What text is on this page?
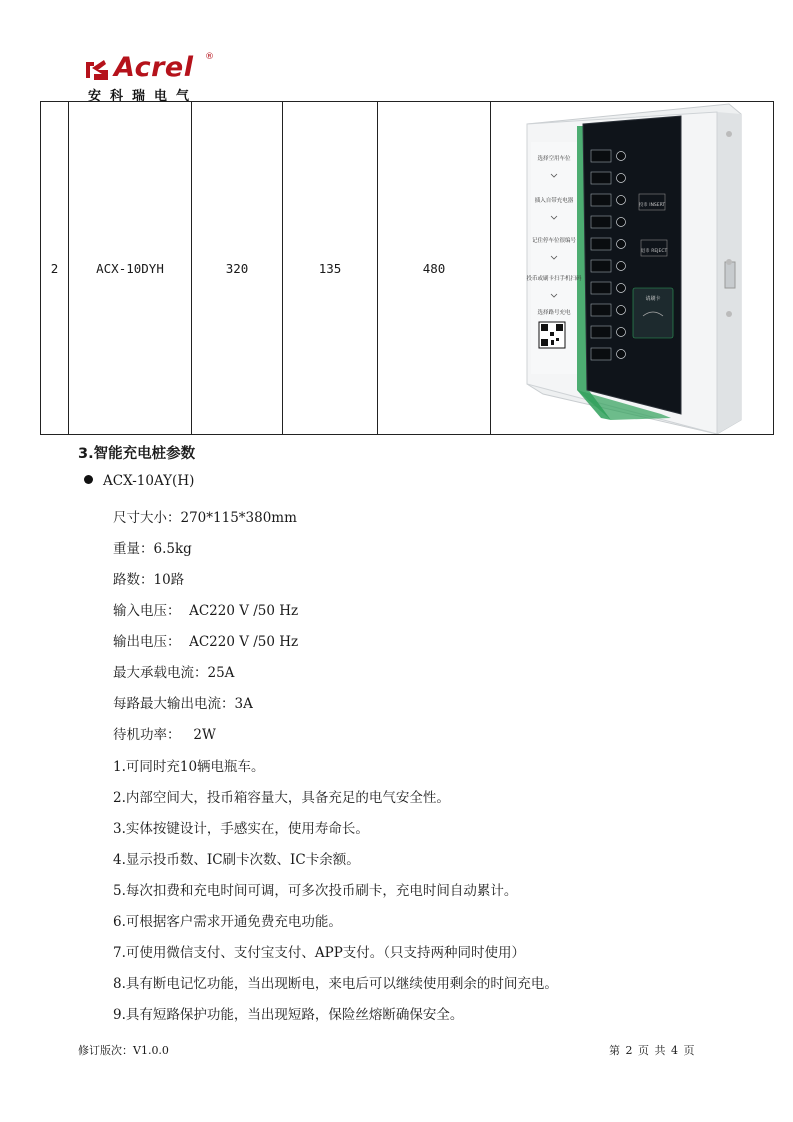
Acrel ®
安科瑞电气
2	ACX-10DYH	320	135	480	
选择空用车位
插入自带充电器
记住停车位很编号
投币或刷卡扫手机扫码
选择路号充电
投币 INSERT
退币 REJECT
请刷卡
3.智能充电桩参数
ACX-10AY(H)
尺寸大小：270*115*380mm
重量：6.5kg
路数：10路
输入电压：  AC220 V /50 Hz
输出电压：  AC220 V /50 Hz
最大承载电流：25A
每路最大输出电流：3A
待机功率：   2W
1.可同时充10辆电瓶车。
2.内部空间大，投币箱容量大，具备充足的电气安全性。
3.实体按键设计，手感实在，使用寿命长。
4.显示投币数、IC刷卡次数、IC卡余额。
5.每次扣费和充电时间可调，可多次投币刷卡，充电时间自动累计。
6.可根据客户需求开通免费充电功能。
7.可使用微信支付、支付宝支付、APP支付。（只支持两种同时使用）
8.具有断电记忆功能，当出现断电，来电后可以继续使用剩余的时间充电。
9.具有短路保护功能，当出现短路，保险丝熔断确保安全。
修订版次：V1.0.0	第 2 页 共 4 页
